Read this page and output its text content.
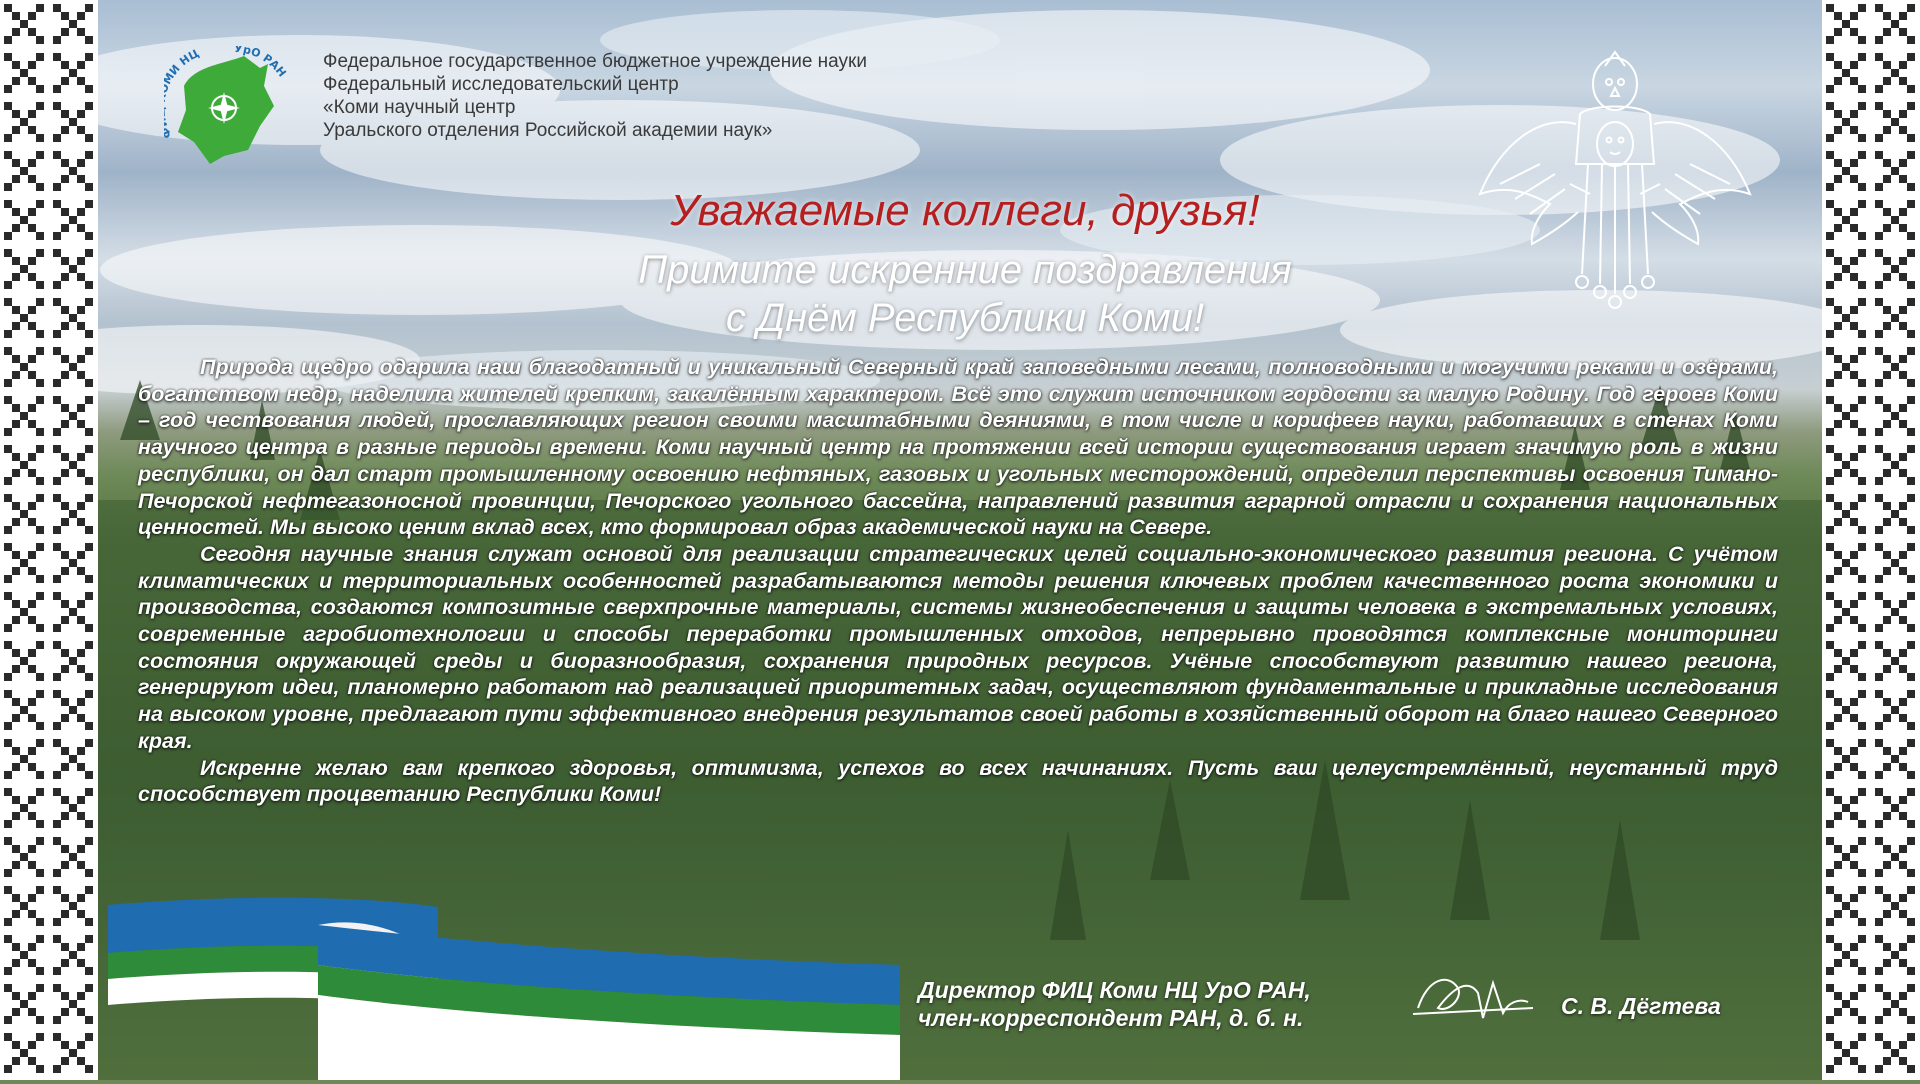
И НЦ	УрО РАН Федеральное государственное бюджетное учреждение науки
Федеральный исследовательский центр
«Коми научный центр
Уральского отделения Российской академии наук»
Уважаемые коллеги, друзья!
Примите искренние поздравления
с Днём Республики Коми!

Природа щедро одарила наш благодатный и уникальный Северный край заповедными лесами, полноводными и могучими реками и озёрами, богатством недр, наделила жителей крепким, закалённым характером. Всё это служит источником гордости за малую Родину. Год героев Коми – год чествования людей, прославляющих регион своими масштабными деяниями, в том числе и корифеев науки, работавших в стенах Коми научного центра в разные периоды времени. Коми научный центр на протяжении всей истории существования играет значимую роль в жизни республики, он дал старт промышленному освоению нефтяных, газовых и угольных месторождений, определил перспективы освоения Тимано-Печорской нефтегазоносной провинции, Печорского угольного бассейна, направлений развития аграрной отрасли и сохранения национальных ценностей. Мы высоко ценим вклад всех, кто формировал образ академической науки на Севере.

Сегодня научные знания служат основой для реализации стратегических целей социально-экономического развития региона. С учётом климатических и территориальных особенностей разрабатываются методы решения ключевых проблем качественного роста экономики и производства, создаются композитные сверхпрочные материалы, системы жизнеобеспечения и защиты человека в экстремальных условиях, современные агробиотехнологии и способы переработки промышленных отходов, непрерывно проводятся комплексные мониторинги состояния окружающей среды и биоразнообразия, сохранения природных ресурсов. Учёные способствуют развитию нашего региона, генерируют идеи, планомерно работают над реализацией приоритетных задач, осуществляют фундаментальные и прикладные исследования на высоком уровне, предлагают пути эффективного внедрения результатов своей работы в хозяйственный оборот на благо нашего Северного края.

Искренне желаю вам крепкого здоровья, оптимизма, успехов во всех начинаниях. Пусть ваш целеустремлённый, неустанный труд способствует процветанию Республики Коми!

Директор ФИЦ Коми НЦ УрО РАН,
член-корреспондент РАН, д. б. н.	С. В. Дёгтева
